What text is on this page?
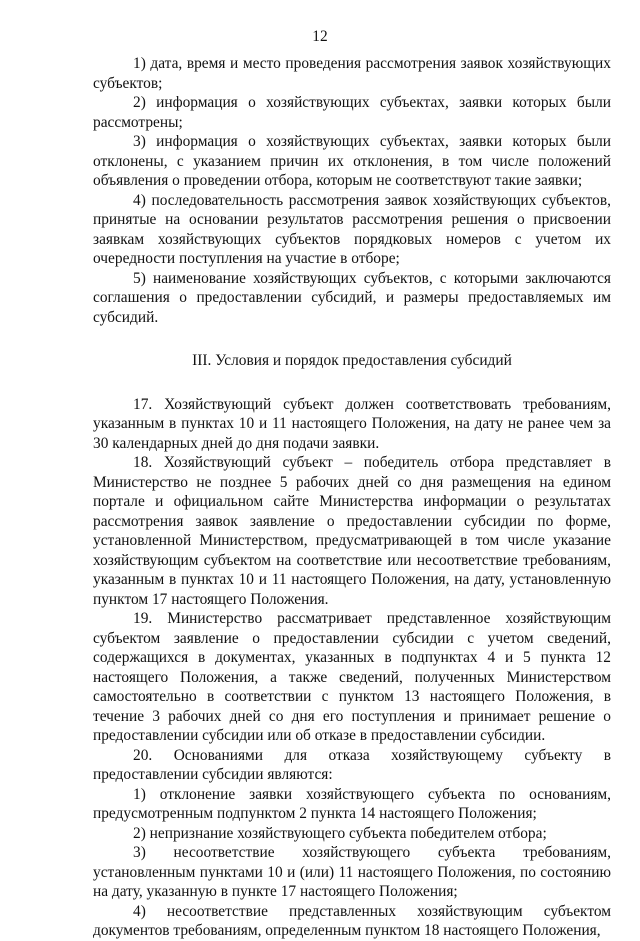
12

1) дата, время и место проведения рассмотрения заявок хозяйствующих субъектов;

2) информация о хозяйствующих субъектах, заявки которых были рассмотрены;

3) информация о хозяйствующих субъектах, заявки которых были отклонены, с указанием причин их отклонения, в том числе положений объявления о проведении отбора, которым не соответствуют такие заявки;

4) последовательность рассмотрения заявок хозяйствующих субъектов, принятые на основании результатов рассмотрения решения о присвоении заявкам хозяйствующих субъектов порядковых номеров с учетом их очередности поступления на участие в отборе;

5) наименование хозяйствующих субъектов, с которыми заключаются соглашения о предоставлении субсидий, и размеры предоставляемых им субсидий.

III. Условия и порядок предоставления субсидий

17. Хозяйствующий субъект должен соответствовать требованиям, указанным в пунктах 10 и 11 настоящего Положения, на дату не ранее чем за 30 календарных дней до дня подачи заявки.

18. Хозяйствующий субъект – победитель отбора представляет в Министерство не позднее 5 рабочих дней со дня размещения на едином портале и официальном сайте Министерства информации о результатах рассмотрения заявок заявление о предоставлении субсидии по форме, установленной Министерством, предусматривающей в том числе указание хозяйствующим субъектом на соответствие или несоответствие требованиям, указанным в пунктах 10 и 11 настоящего Положения, на дату, установленную пунктом 17 настоящего Положения.

19. Министерство рассматривает представленное хозяйствующим субъектом заявление о предоставлении субсидии с учетом сведений, содержащихся в документах, указанных в подпунктах 4 и 5 пункта 12 настоящего Положения, а также сведений, полученных Министерством самостоятельно в соответствии с пунктом 13 настоящего Положения, в течение 3 рабочих дней со дня его поступления и принимает решение о предоставлении субсидии или об отказе в предоставлении субсидии.

20. Основаниями для отказа хозяйствующему субъекту в предоставлении субсидии являются:

1) отклонение заявки хозяйствующего субъекта по основаниям, предусмотренным подпунктом 2 пункта 14 настоящего Положения;

2) непризнание хозяйствующего субъекта победителем отбора;

3) несоответствие хозяйствующего субъекта требованиям, установленным пунктами 10 и (или) 11 настоящего Положения, по состоянию на дату, указанную в пункте 17 настоящего Положения;

4) несоответствие представленных хозяйствующим субъектом документов требованиям, определенным пунктом 18 настоящего Положения,
